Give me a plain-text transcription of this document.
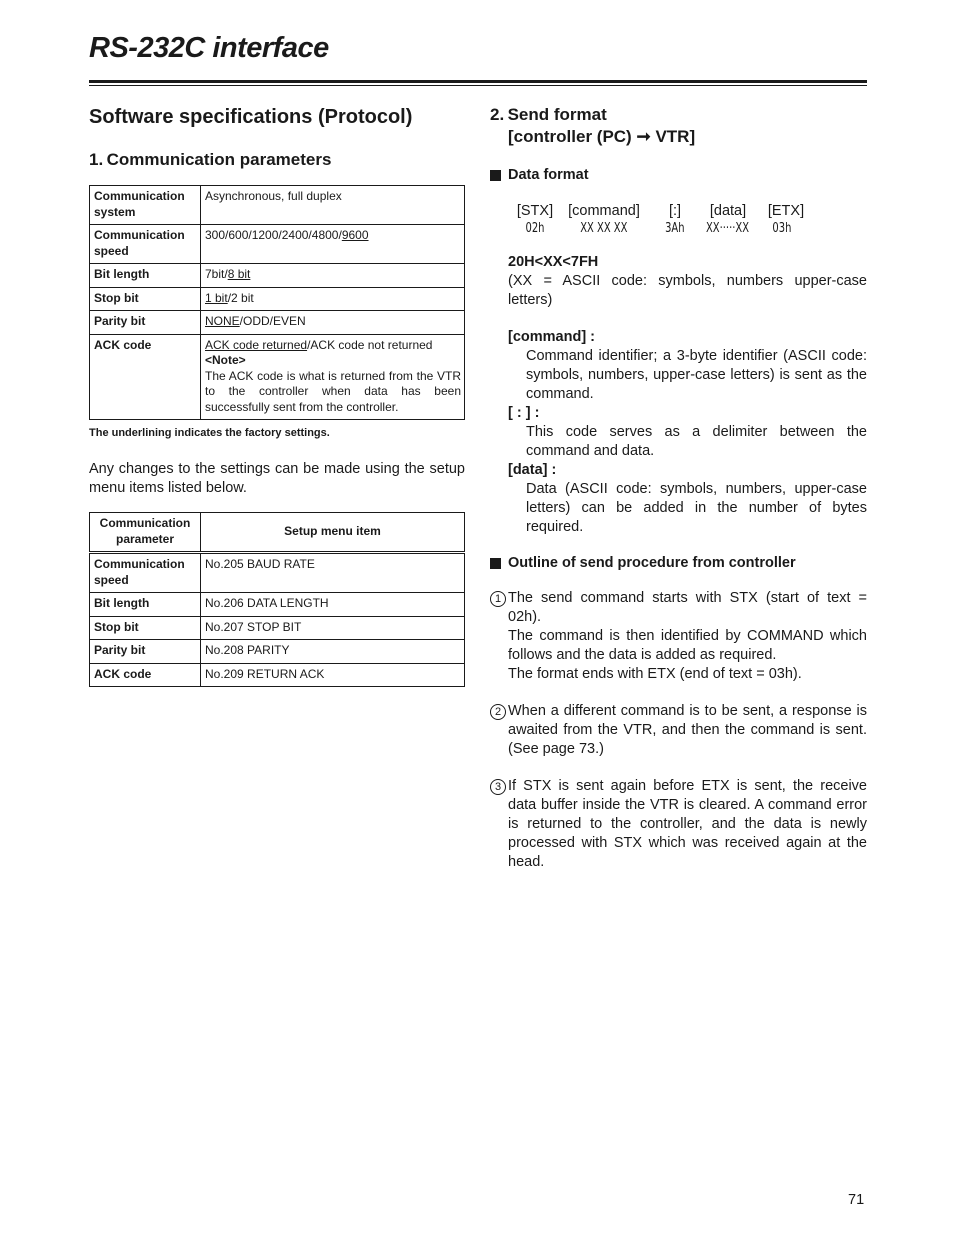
RS-232C interface
Software specifications (Protocol)
1. Communication parameters
Communication system	Asynchronous, full duplex
Communication speed	300/600/1200/2400/4800/9600
Bit length	7bit/8 bit
Stop bit	1 bit/2 bit
Parity bit	NONE/ODD/EVEN
ACK code	ACK code returned/ACK code not returned
<Note>
The ACK code is what is returned from the VTR to the controller when data has been successfully sent from the controller.
The underlining indicates the factory settings.
Any changes to the settings can be made using the setup menu items listed below.
Communication parameter	Setup menu item
Communication speed	No.205 BAUD RATE
Bit length	No.206 DATA LENGTH
Stop bit	No.207 STOP BIT
Parity bit	No.208 PARITY
ACK code	No.209 RETURN ACK
2. Send format
[controller (PC) ➞ VTR]
Data format
[STX]	[command]	[:]	[data]	[ETX]
02h	XX XX XX	3Ah	XX·····XX	03h
20H<XX<7FH
(XX = ASCII code: symbols, numbers upper-case letters)
[command] :
Command identifier; a 3-byte identifier (ASCII code: symbols, numbers, upper-case letters) is sent as the command.
[ : ] :
This code serves as a delimiter between the command and data.
[data] :
Data (ASCII code: symbols, numbers, upper-case letters) can be added in the number of bytes required.
Outline of send procedure from controller
1 The send command starts with STX (start of text = 02h).
The command is then identified by COMMAND which follows and the data is added as required.
The format ends with ETX (end of text = 03h).
2 When a different command is to be sent, a response is awaited from the VTR, and then the command is sent. (See page 73.)
3 If STX is sent again before ETX is sent, the receive data buffer inside the VTR is cleared. A command error is returned to the controller, and the data is newly processed with STX which was received again at the head.
71
